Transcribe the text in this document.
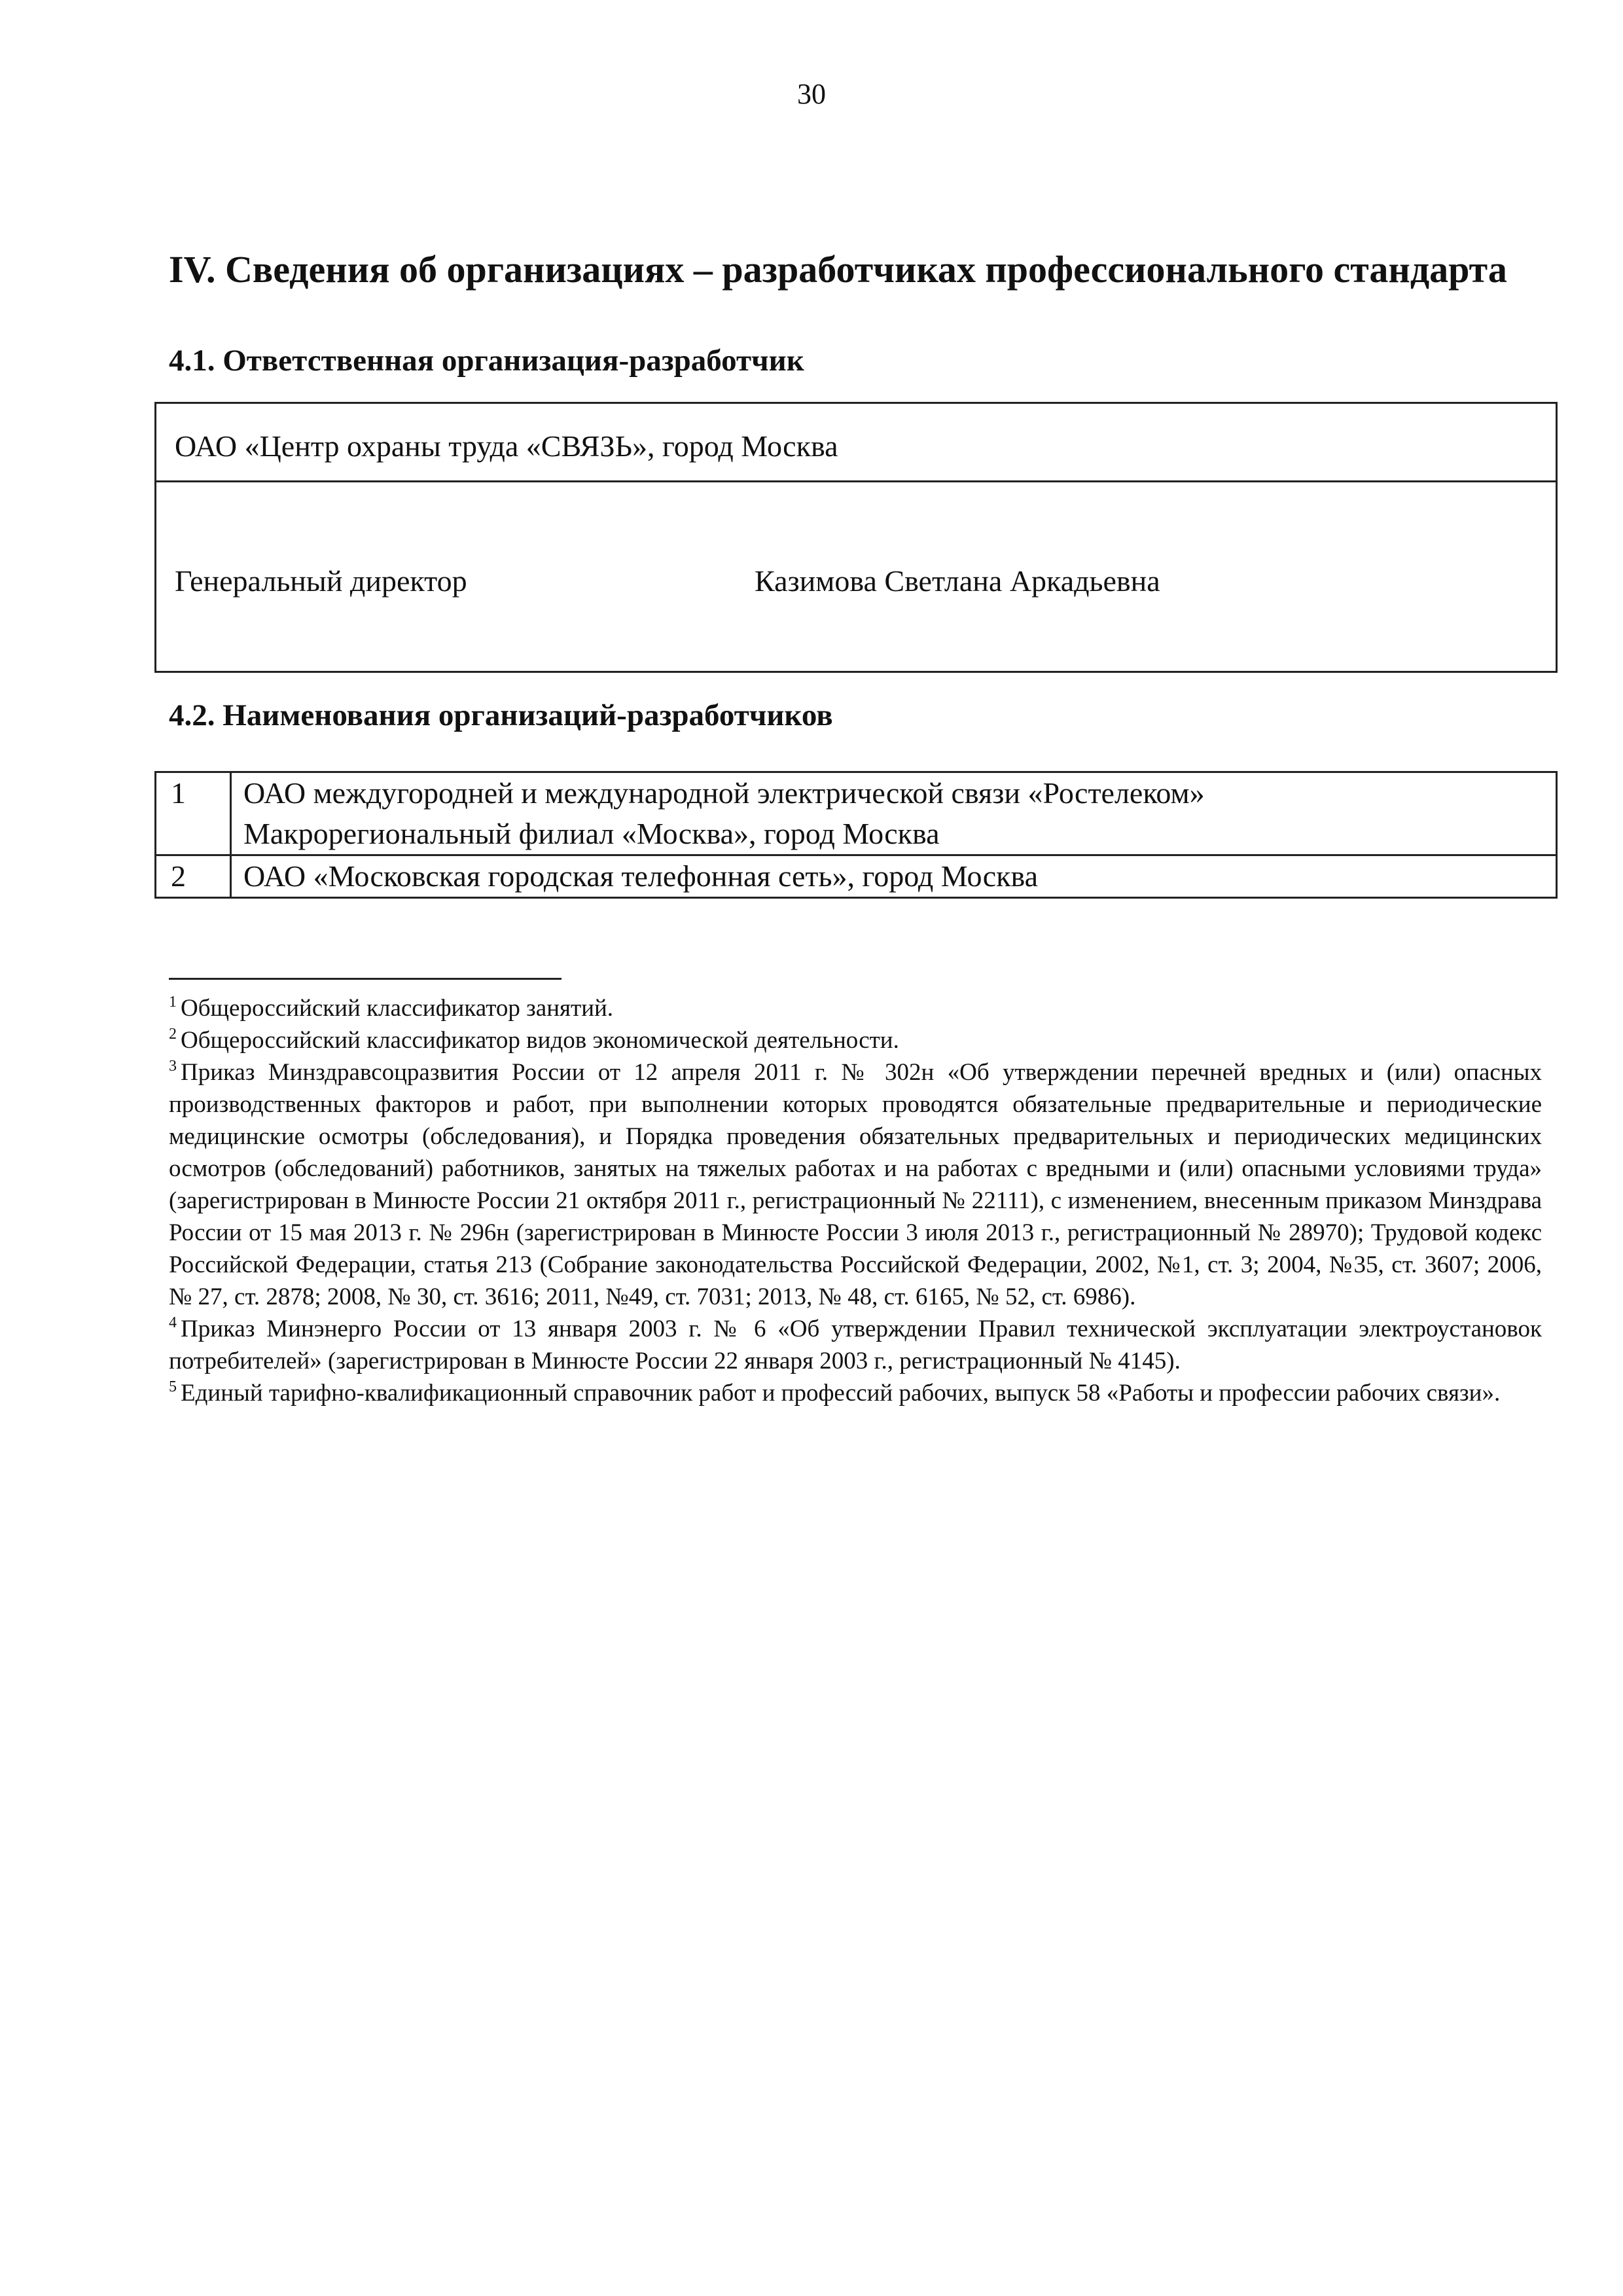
30
IV. Сведения об организациях – разработчиках профессионального стандарта
4.1. Ответственная организация-разработчик
ОАО «Центр охраны труда «СВЯЗЬ», город Москва
Генеральный директор	Казимова Светлана Аркадьевна
4.2. Наименования организаций-разработчиков
1	ОАО междугородней и международной электрической связи «Ростелеком»
Макрорегиональный филиал «Москва», город Москва

2	ОАО «Московская городская телефонная сеть», город Москва

$^1$ Общероссийский классификатор занятий.

$^2$ Общероссийский классификатор видов экономической деятельности.

$^3$ Приказ Минздравсоцразвития России от 12 апреля 2011 г. № 302н «Об утверждении перечней вредных и (или) опасных производственных факторов и работ, при выполнении которых проводятся обязательные предварительные и периодические медицинские осмотры (обследования), и Порядка проведения обязательных предварительных и периодических медицинских осмотров (обследований) работников, занятых на тяжелых работах и на работах с вредными и (или) опасными условиями труда» (зарегистрирован в Минюсте России 21 октября 2011 г., регистрационный № 22111), с изменением, внесенным приказом Минздрава России от 15 мая 2013 г. № 296н (зарегистрирован в Минюсте России 3 июля 2013 г., регистрационный № 28970); Трудовой кодекс Российской Федерации, статья 213 (Собрание законодательства Российской Федерации, 2002, №1, ст. 3; 2004, №35, ст. 3607; 2006, № 27, ст. 2878; 2008, № 30, ст. 3616; 2011, №49, ст. 7031; 2013, № 48, ст. 6165, № 52, ст. 6986).

$^4$ Приказ Минэнерго России от 13 января 2003 г. № 6 «Об утверждении Правил технической эксплуатации электроустановок потребителей» (зарегистрирован в Минюсте России 22 января 2003 г., регистрационный № 4145).

$^5$ Единый тарифно-квалификационный справочник работ и профессий рабочих, выпуск 58 «Работы и профессии рабочих связи».
